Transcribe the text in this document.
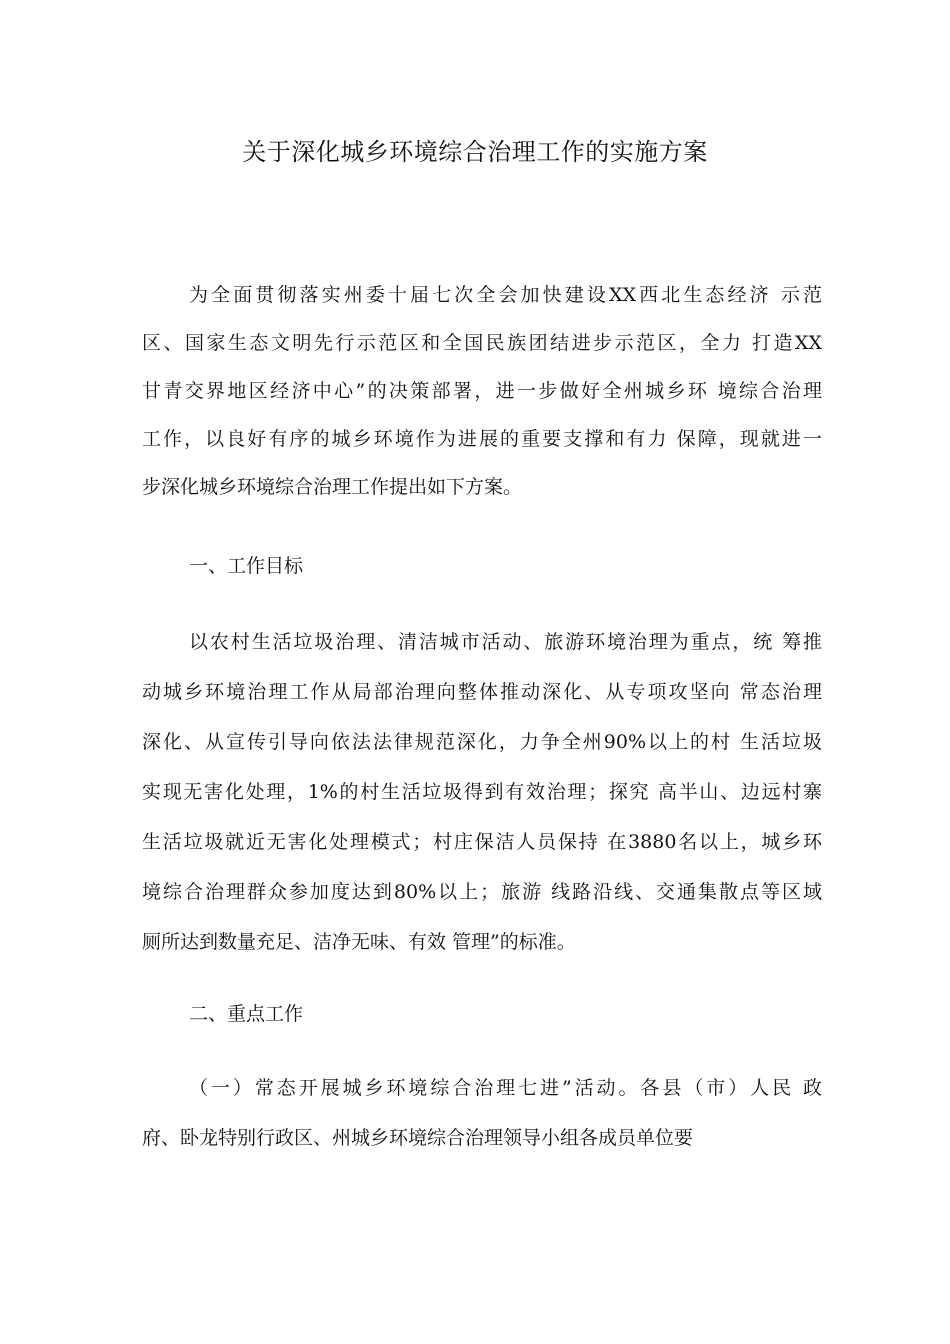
关于深化城乡环境综合治理工作的实施方案
为全面贯彻落实州委十届七次全会加快建设XX西北生态经济 示范
区、国家生态文明先行示范区和全国民族团结进步示范区，全力 打造XX
甘青交界地区经济中心”的决策部署，进一步做好全州城乡环 境综合治理
工作，以良好有序的城乡环境作为进展的重要支撑和有力 保障，现就进一
步深化城乡环境综合治理工作提出如下方案。
一、工作目标
以农村生活垃圾治理、清洁城市活动、旅游环境治理为重点，统 筹推
动城乡环境治理工作从局部治理向整体推动深化、从专项攻坚向 常态治理
深化、从宣传引导向依法法律规范深化，力争全州90%以上的村 生活垃圾
实现无害化处理，1%的村生活垃圾得到有效治理；探究 高半山、边远村寨
生活垃圾就近无害化处理模式；村庄保洁人员保持 在3880名以上，城乡环
境综合治理群众参加度达到80%以上；旅游 线路沿线、交通集散点等区域
厕所达到数量充足、洁净无味、有效 管理”的标准。
二、重点工作
（一）常态开展城乡环境综合治理七进”活动。各县（市）人民 政
府、卧龙特别行政区、州城乡环境综合治理领导小组各成员单位要
